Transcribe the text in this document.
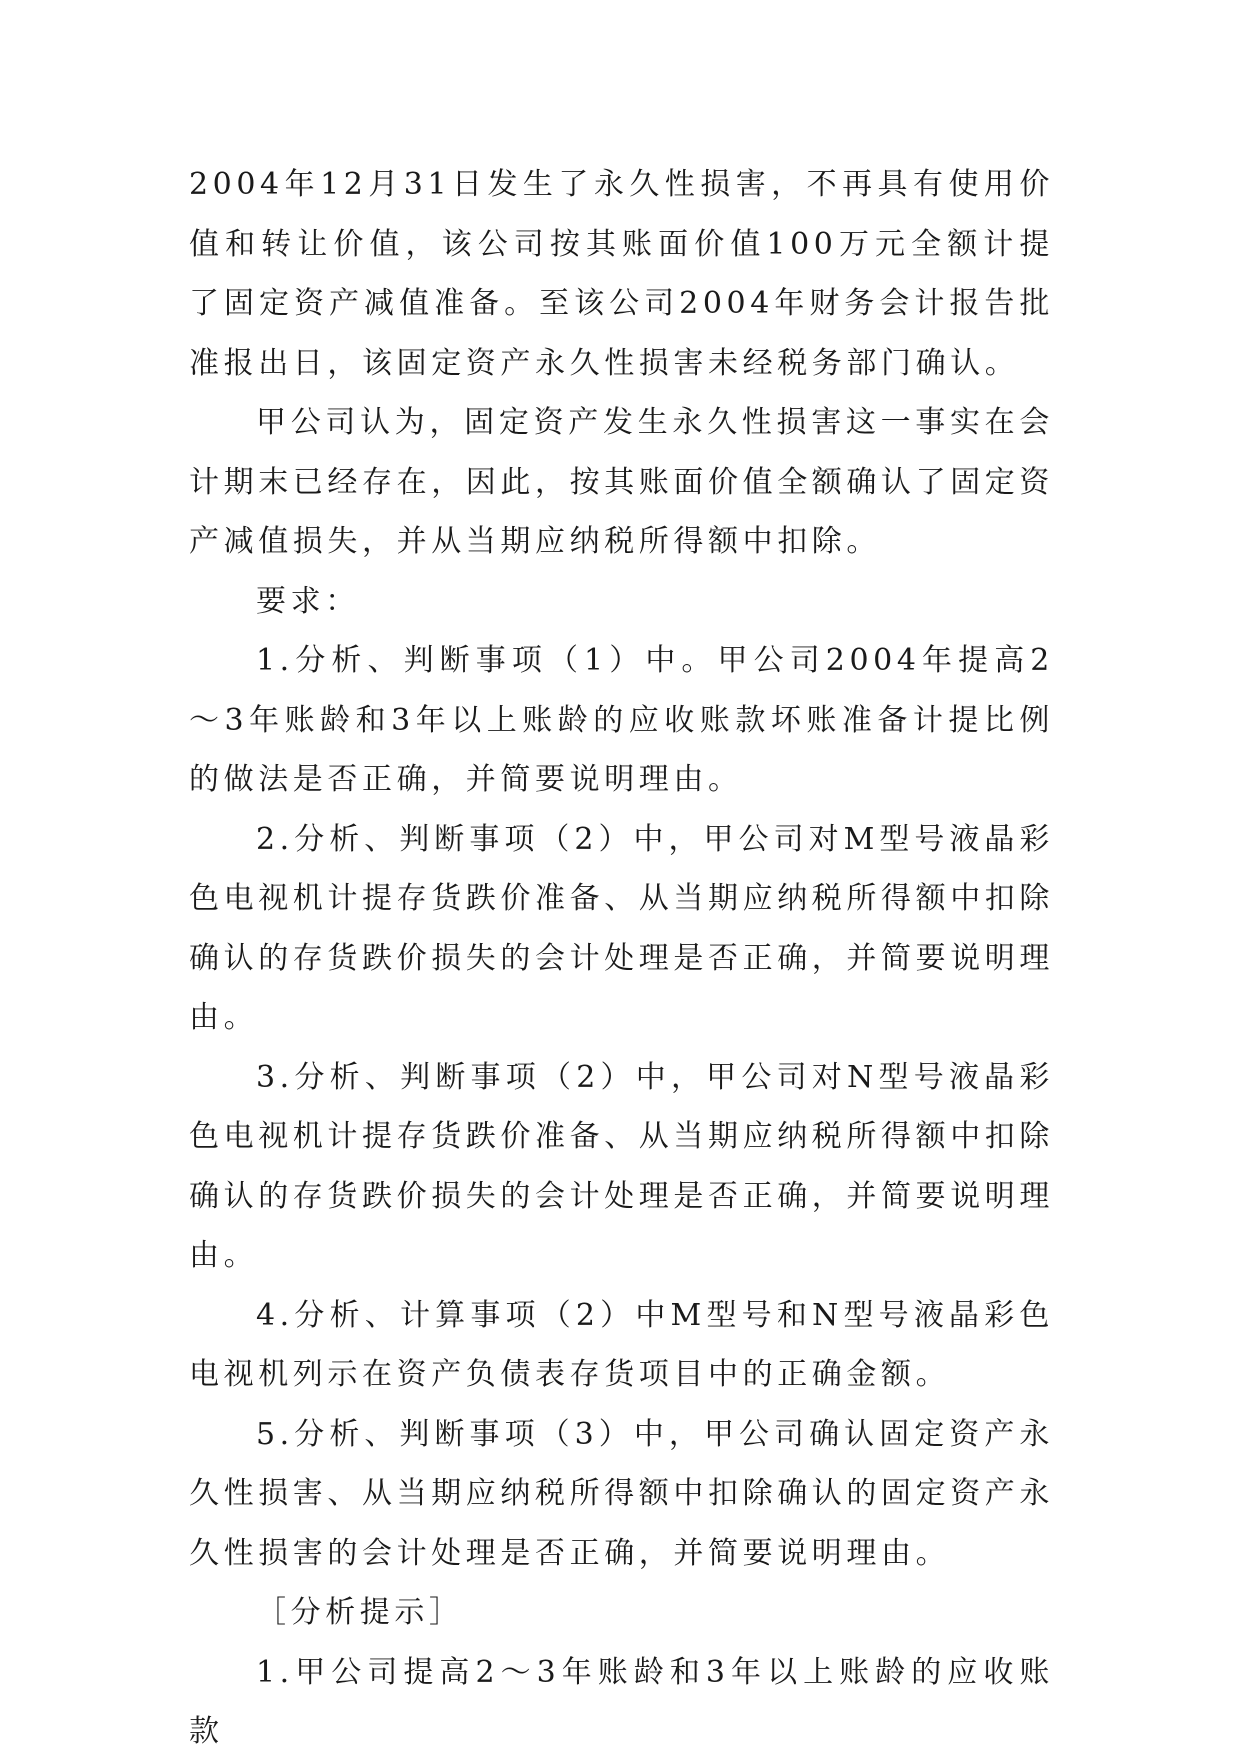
2004年12月31日发生了永久性损害，不再具有使用价值和转让价值，该公司按其账面价值100万元全额计提了固定资产减值准备。至该公司2004年财务会计报告批准报出日，该固定资产永久性损害未经税务部门确认。

甲公司认为，固定资产发生永久性损害这一事实在会计期末已经存在，因此，按其账面价值全额确认了固定资产减值损失，并从当期应纳税所得额中扣除。

要求：

1.分析、判断事项（1）中。甲公司2004年提高2～3年账龄和3年以上账龄的应收账款坏账准备计提比例的做法是否正确，并简要说明理由。

2.分析、判断事项（2）中，甲公司对M型号液晶彩色电视机计提存货跌价准备、从当期应纳税所得额中扣除确认的存货跌价损失的会计处理是否正确，并简要说明理由。

3.分析、判断事项（2）中，甲公司对N型号液晶彩色电视机计提存货跌价准备、从当期应纳税所得额中扣除确认的存货跌价损失的会计处理是否正确，并简要说明理由。

4.分析、计算事项（2）中M型号和N型号液晶彩色电视机列示在资产负债表存货项目中的正确金额。

5.分析、判断事项（3）中，甲公司确认固定资产永久性损害、从当期应纳税所得额中扣除确认的固定资产永久性损害的会计处理是否正确，并简要说明理由。

［分析提示］

1.甲公司提高2～3年账龄和3年以上账龄的应收账款
